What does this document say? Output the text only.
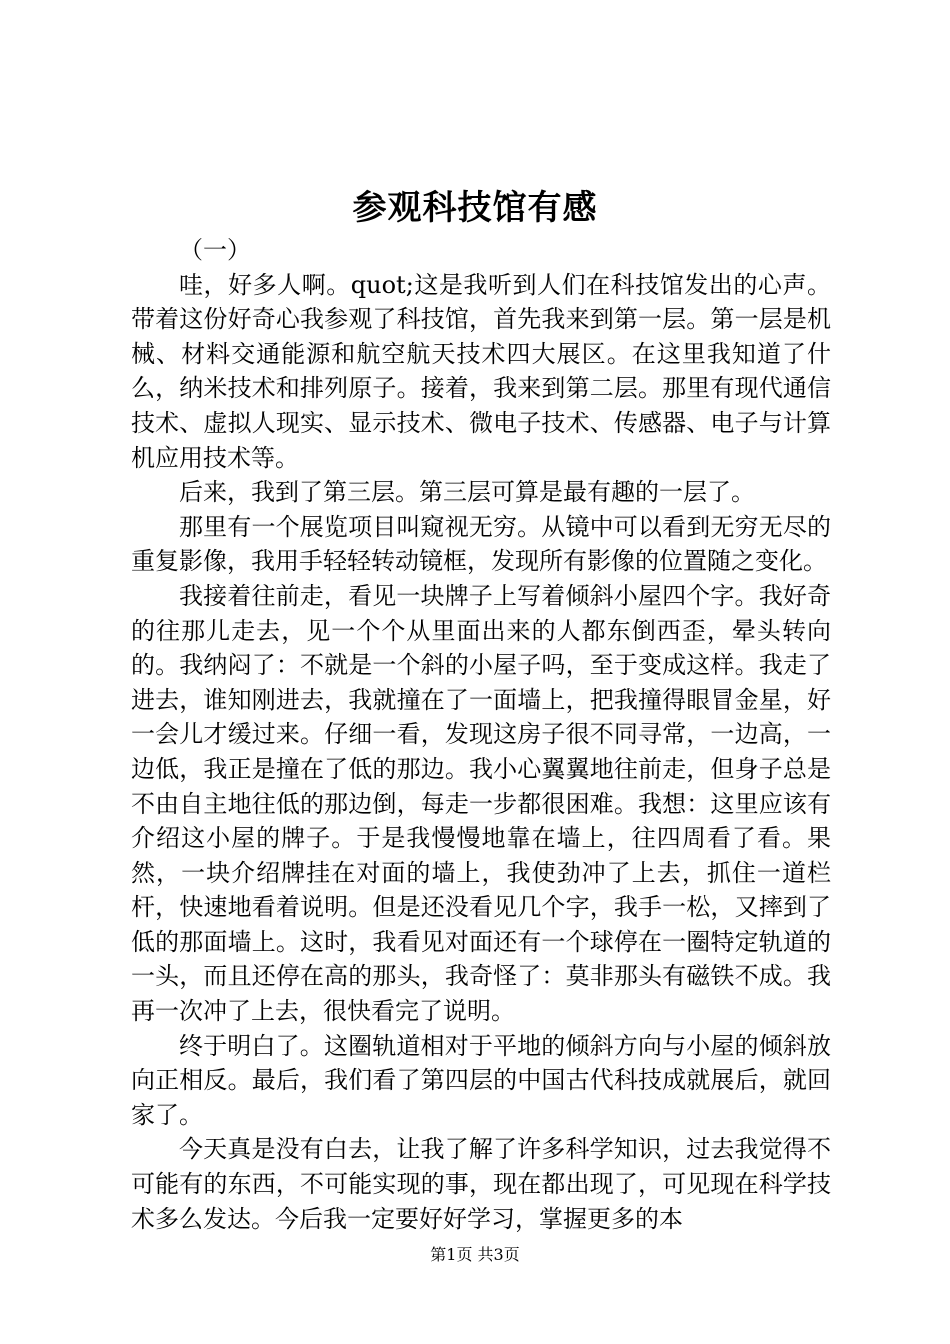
参观科技馆有感

（一）

哇，好多人啊。quot;这是我听到人们在科技馆发出的心声。带着这份好奇心我参观了科技馆，首先我来到第一层。第一层是机械、材料交通能源和航空航天技术四大展区。在这里我知道了什么，纳米技术和排列原子。接着，我来到第二层。那里有现代通信技术、虚拟人现实、显示技术、微电子技术、传感器、电子与计算机应用技术等。

后来，我到了第三层。第三层可算是最有趣的一层了。

那里有一个展览项目叫窥视无穷。从镜中可以看到无穷无尽的重复影像，我用手轻轻转动镜框，发现所有影像的位置随之变化。

我接着往前走，看见一块牌子上写着倾斜小屋四个字。我好奇的往那儿走去，见一个个从里面出来的人都东倒西歪，晕头转向的。我纳闷了：不就是一个斜的小屋子吗，至于变成这样。我走了进去，谁知刚进去，我就撞在了一面墙上，把我撞得眼冒金星，好一会儿才缓过来。仔细一看，发现这房子很不同寻常，一边高，一边低，我正是撞在了低的那边。我小心翼翼地往前走，但身子总是不由自主地往低的那边倒，每走一步都很困难。我想：这里应该有介绍这小屋的牌子。于是我慢慢地靠在墙上，往四周看了看。果然，一块介绍牌挂在对面的墙上，我使劲冲了上去，抓住一道栏杆，快速地看着说明。但是还没看见几个字，我手一松，又摔到了低的那面墙上。这时，我看见对面还有一个球停在一圈特定轨道的一头，而且还停在高的那头，我奇怪了：莫非那头有磁铁不成。我再一次冲了上去，很快看完了说明。

终于明白了。这圈轨道相对于平地的倾斜方向与小屋的倾斜放向正相反。最后，我们看了第四层的中国古代科技成就展后，就回家了。

今天真是没有白去，让我了解了许多科学知识，过去我觉得不可能有的东西，不可能实现的事，现在都出现了，可见现在科学技术多么发达。今后我一定要好好学习，掌握更多的本

第1页 共3页
